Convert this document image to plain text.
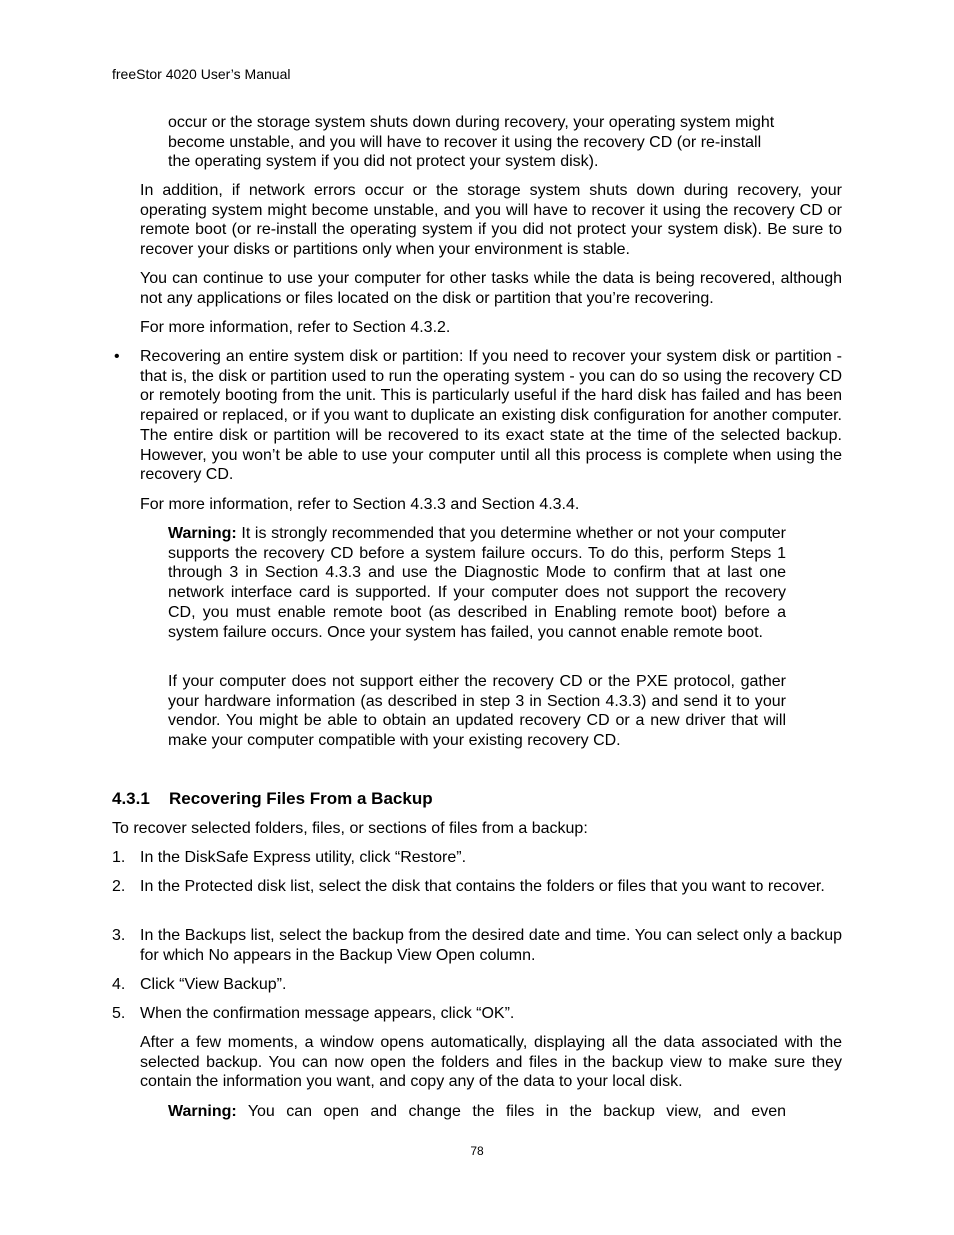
freeStor 4020 User’s Manual

occur or the storage system shuts down during recovery, your operating system might become unstable, and you will have to recover it using the recovery CD (or re-install the operating system if you did not protect your system disk).

In addition, if network errors occur or the storage system shuts down during recovery, your operating system might become unstable, and you will have to recover it using the recovery CD or remote boot (or re-install the operating system if you did not protect your system disk). Be sure to recover your disks or partitions only when your environment is stable.

You can continue to use your computer for other tasks while the data is being recovered, although not any applications or files located on the disk or partition that you’re recovering.

For more information, refer to Section 4.3.2.

• Recovering an entire system disk or partition: If you need to recover your system disk or partition - that is, the disk or partition used to run the operating system - you can do so using the recovery CD or remotely booting from the unit. This is particularly useful if the hard disk has failed and has been repaired or replaced, or if you want to duplicate an existing disk configuration for another computer. The entire disk or partition will be recovered to its exact state at the time of the selected backup. However, you won’t be able to use your computer until all this process is complete when using the recovery CD.

For more information, refer to Section 4.3.3 and Section 4.3.4.

Warning: It is strongly recommended that you determine whether or not your computer supports the recovery CD before a system failure occurs. To do this, perform Steps 1 through 3 in Section 4.3.3 and use the Diagnostic Mode to confirm that at last one network interface card is supported. If your computer does not support the recovery CD, you must enable remote boot (as described in Enabling remote boot) before a system failure occurs. Once your system has failed, you cannot enable remote boot.

If your computer does not support either the recovery CD or the PXE protocol, gather your hardware information (as described in step 3 in Section 4.3.3) and send it to your vendor. You might be able to obtain an updated recovery CD or a new driver that will make your computer compatible with your existing recovery CD.

4.3.1 Recovering Files From a Backup

To recover selected folders, files, or sections of files from a backup:

1. In the DiskSafe Express utility, click “Restore”.

2. In the Protected disk list, select the disk that contains the folders or files that you want to recover.

3. In the Backups list, select the backup from the desired date and time. You can select only a backup for which No appears in the Backup View Open column.

4. Click “View Backup”.

5. When the confirmation message appears, click “OK”.

After a few moments, a window opens automatically, displaying all the data associated with the selected backup. You can now open the folders and files in the backup view to make sure they contain the information you want, and copy any of the data to your local disk.

Warning: You can open and change the files in the backup view, and even

78
